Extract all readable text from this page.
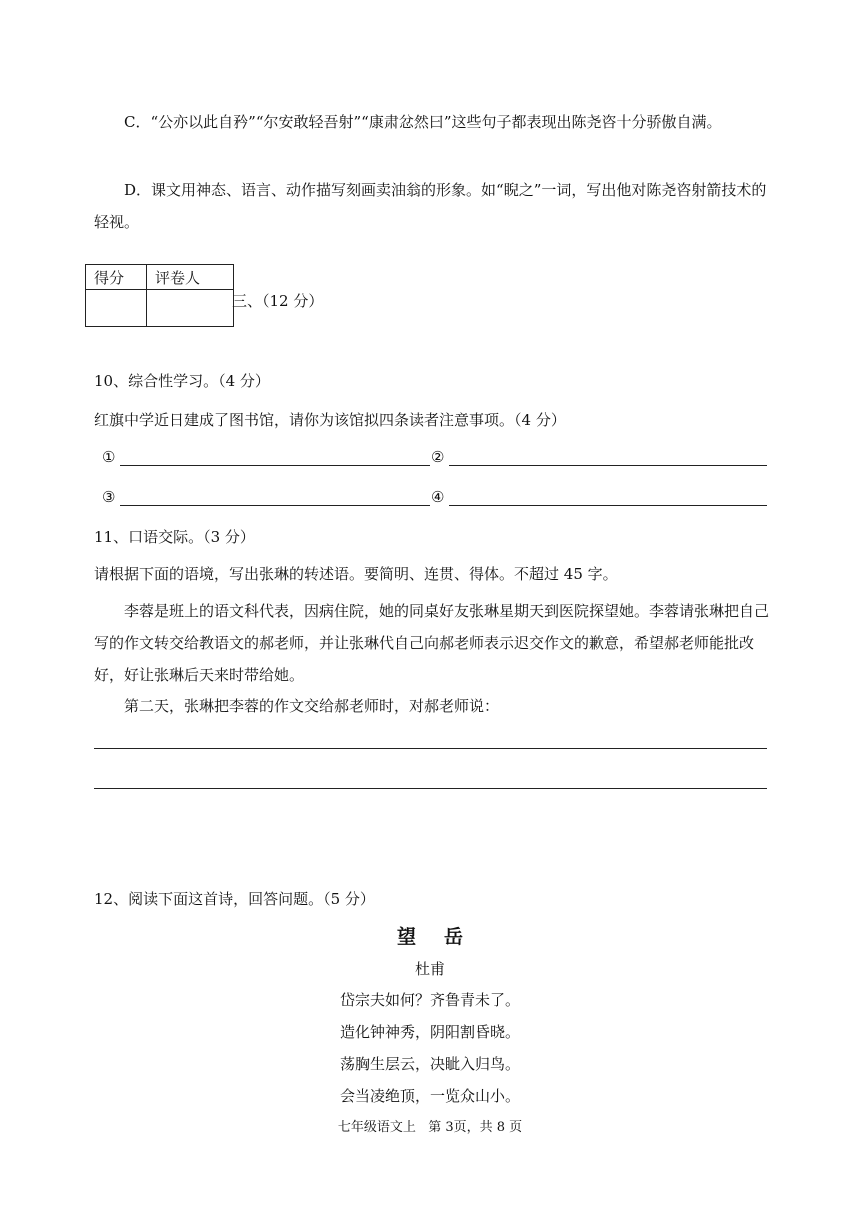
C．“公亦以此自矜”“尔安敢轻吾射”“康肃忿然曰”这些句子都表现出陈尧咨十分骄傲自满。
D．课文用神态、语言、动作描写刻画卖油翁的形象。如“睨之”一词，写出他对陈尧咨射箭技术的轻视。
得分	评卷人

三、（12 分）
10、综合性学习。（4 分）
红旗中学近日建成了图书馆，请你为该馆拟四条读者注意事项。（4 分）
①	②
③	④
11、口语交际。（3 分）
请根据下面的语境，写出张琳的转述语。要简明、连贯、得体。不超过 45 字。
李蓉是班上的语文科代表，因病住院，她的同桌好友张琳星期天到医院探望她。李蓉请张琳把自己写的作文转交给教语文的郝老师，并让张琳代自己向郝老师表示迟交作文的歉意，希望郝老师能批改好，好让张琳后天来时带给她。
第二天，张琳把李蓉的作文交给郝老师时，对郝老师说：
12、阅读下面这首诗，回答问题。（5 分）
望岳
杜甫
岱宗夫如何？齐鲁青未了。
造化钟神秀，阴阳割昏晓。
荡胸生层云，决眦入归鸟。
会当凌绝顶，一览众山小。
七年级语文上   第 3页，共 8 页
